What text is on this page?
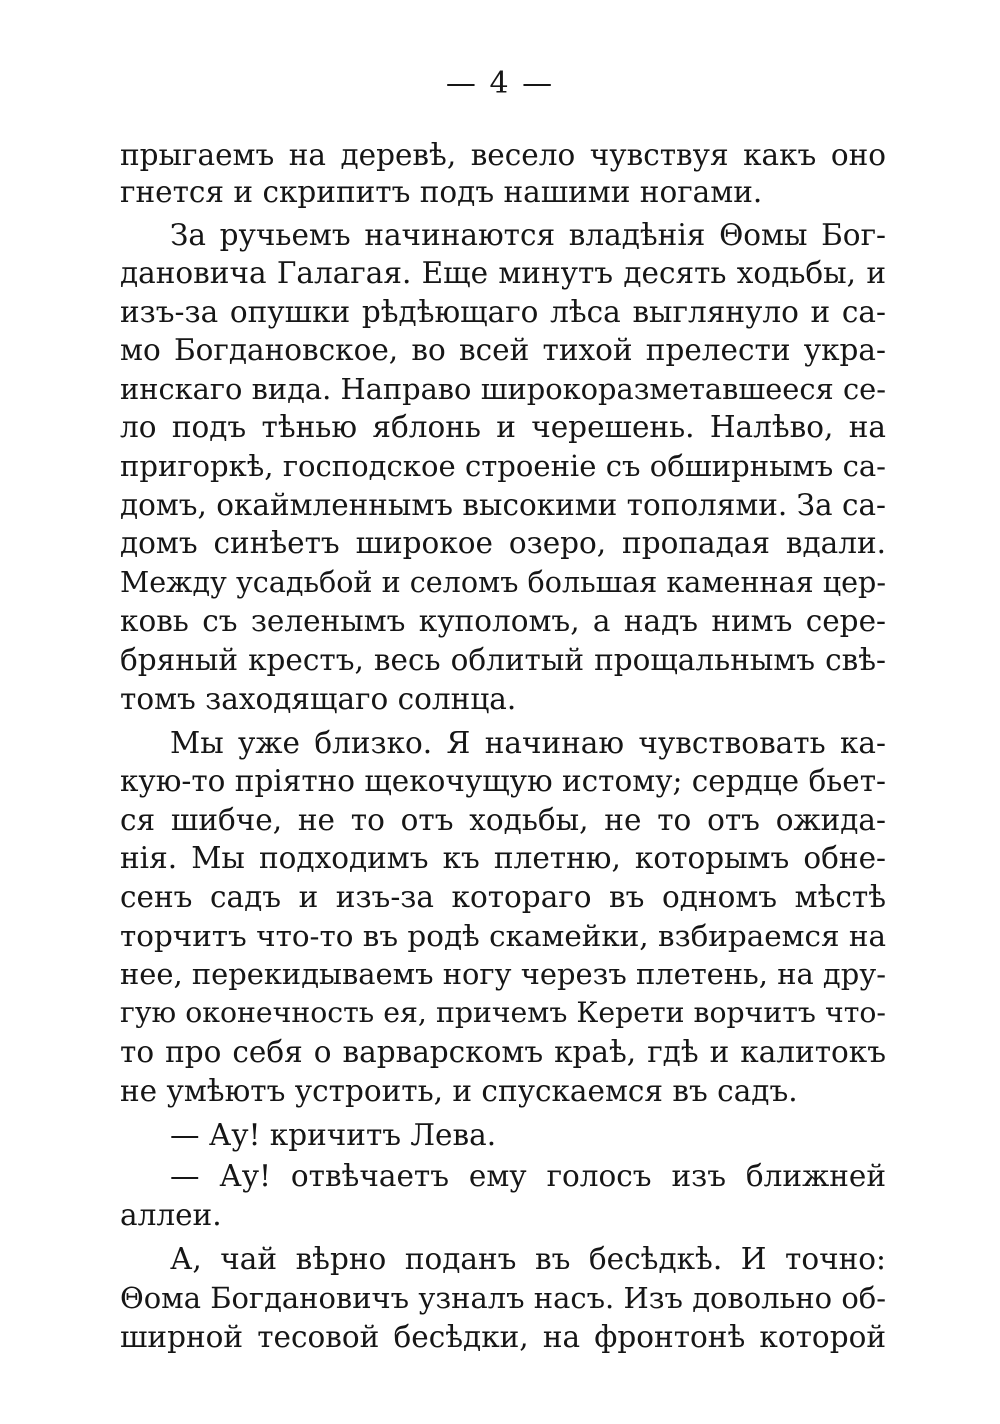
— 4 —
прыгаемъ на деревѣ, весело чувствуя какъ оно
гнется и скрипитъ подъ нашими ногами.
За ручьемъ начинаются владѣнія Θомы Бог-
дановича Галагая. Еще минутъ десять ходьбы, и
изъ-за опушки рѣдѣющаго лѣса выглянуло и са-
мо Богдановское, во всей тихой прелести укра-
инскаго вида. Направо широкоразметавшееся се-
ло подъ тѣнью яблонь и черешень. Налѣво, на
пригоркѣ, господское строеніе съ обширнымъ са-
домъ, окаймленнымъ высокими тополями. За са-
домъ синѣетъ широкое озеро, пропадая вдали.
Между усадьбой и селомъ большая каменная цер-
ковь съ зеленымъ куполомъ, а надъ нимъ сере-
бряный крестъ, весь облитый прощальнымъ свѣ-
томъ заходящаго солнца.
Мы уже близко. Я начинаю чувствовать ка-
кую-то пріятно щекочущую истому; сердце бьет-
ся шибче, не то отъ ходьбы, не то отъ ожида-
нія. Мы подходимъ къ плетню, которымъ обне-
сенъ садъ и изъ-за котораго въ одномъ мѣстѣ
торчитъ что-то въ родѣ скамейки, взбираемся на
нее, перекидываемъ ногу черезъ плетень, на дру-
гую оконечность ея, причемъ Керети ворчитъ что-
то про себя о варварскомъ краѣ, гдѣ и калитокъ
не умѣютъ устроить, и спускаемся въ садъ.
— Ау! кричитъ Лева.
— Ау! отвѣчаетъ ему голосъ изъ ближней
аллеи.
А, чай вѣрно поданъ въ бесѣдкѣ. И точно:
Θома Богдановичъ узналъ насъ. Изъ довольно об-
ширной тесовой бесѣдки, на фронтонѣ которой
